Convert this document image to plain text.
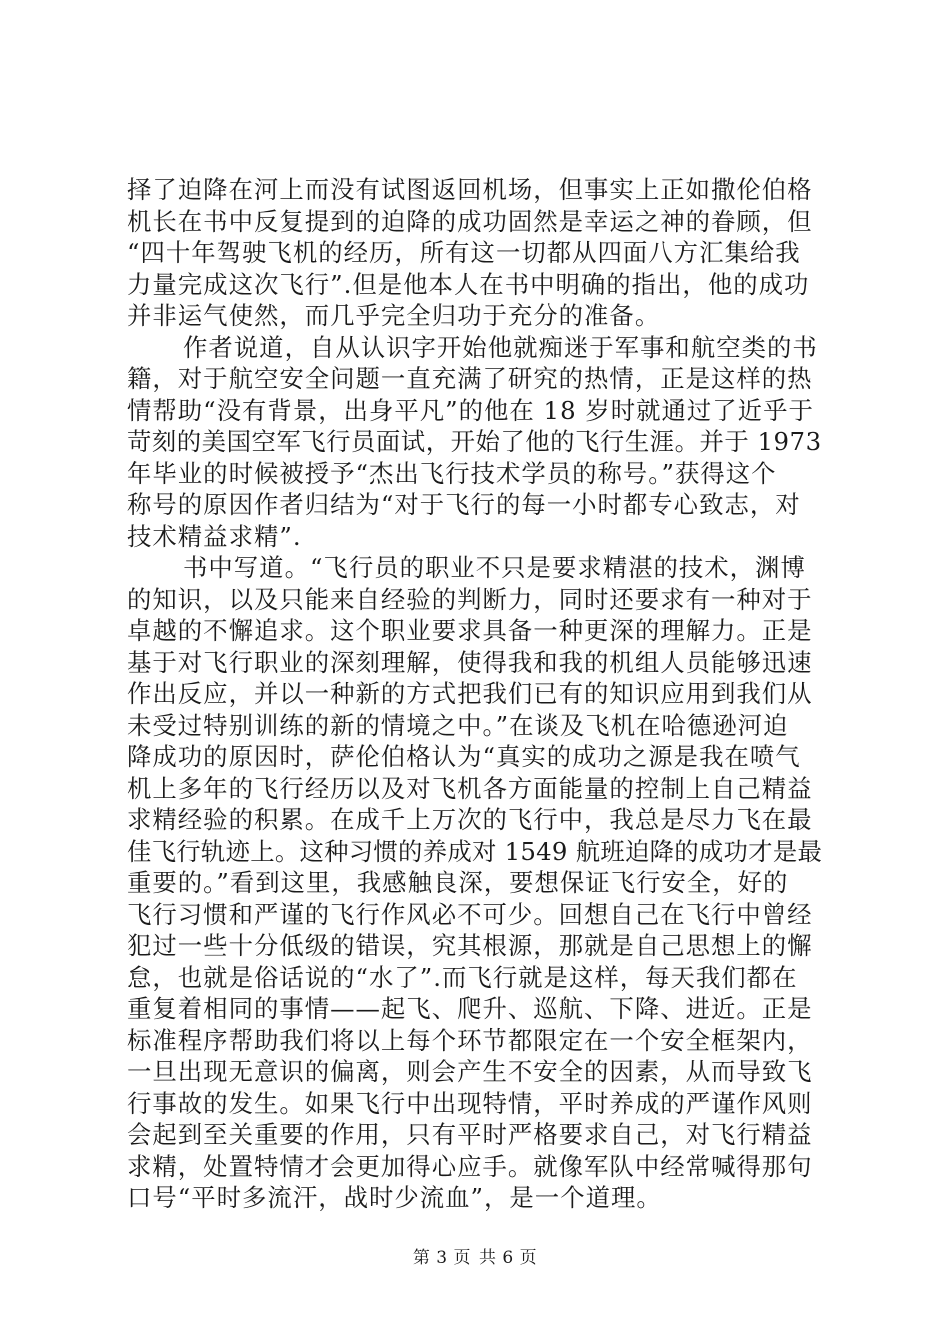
择了迫降在河上而没有试图返回机场，但事实上正如撒伦伯格
机长在书中反复提到的迫降的成功固然是幸运之神的眷顾，但
“四十年驾驶飞机的经历，所有这一切都从四面八方汇集给我
力量完成这次飞行”.但是他本人在书中明确的指出，他的成功
并非运气使然，而几乎完全归功于充分的准备。
作者说道，自从认识字开始他就痴迷于军事和航空类的书
籍，对于航空安全问题一直充满了研究的热情，正是这样的热
情帮助“没有背景，出身平凡”的他在 18 岁时就通过了近乎于
苛刻的美国空军飞行员面试，开始了他的飞行生涯。并于 1973
年毕业的时候被授予“杰出飞行技术学员的称号。”获得这个
称号的原因作者归结为“对于飞行的每一小时都专心致志，对
技术精益求精”.
书中写道。“飞行员的职业不只是要求精湛的技术，渊博
的知识，以及只能来自经验的判断力，同时还要求有一种对于
卓越的不懈追求。这个职业要求具备一种更深的理解力。正是
基于对飞行职业的深刻理解，使得我和我的机组人员能够迅速
作出反应，并以一种新的方式把我们已有的知识应用到我们从
未受过特别训练的新的情境之中。”在谈及飞机在哈德逊河迫
降成功的原因时，萨伦伯格认为“真实的成功之源是我在喷气
机上多年的飞行经历以及对飞机各方面能量的控制上自己精益
求精经验的积累。在成千上万次的飞行中，我总是尽力飞在最
佳飞行轨迹上。这种习惯的养成对 1549 航班迫降的成功才是最
重要的。”看到这里，我感触良深，要想保证飞行安全，好的
飞行习惯和严谨的飞行作风必不可少。回想自己在飞行中曾经
犯过一些十分低级的错误，究其根源，那就是自己思想上的懈
怠，也就是俗话说的“水了”.而飞行就是这样，每天我们都在
重复着相同的事情——起飞、爬升、巡航、下降、进近。正是
标准程序帮助我们将以上每个环节都限定在一个安全框架内，
一旦出现无意识的偏离，则会产生不安全的因素，从而导致飞
行事故的发生。如果飞行中出现特情，平时养成的严谨作风则
会起到至关重要的作用，只有平时严格要求自己，对飞行精益
求精，处置特情才会更加得心应手。就像军队中经常喊得那句
口号“平时多流汗，战时少流血”，是一个道理。
第 3 页 共 6 页
